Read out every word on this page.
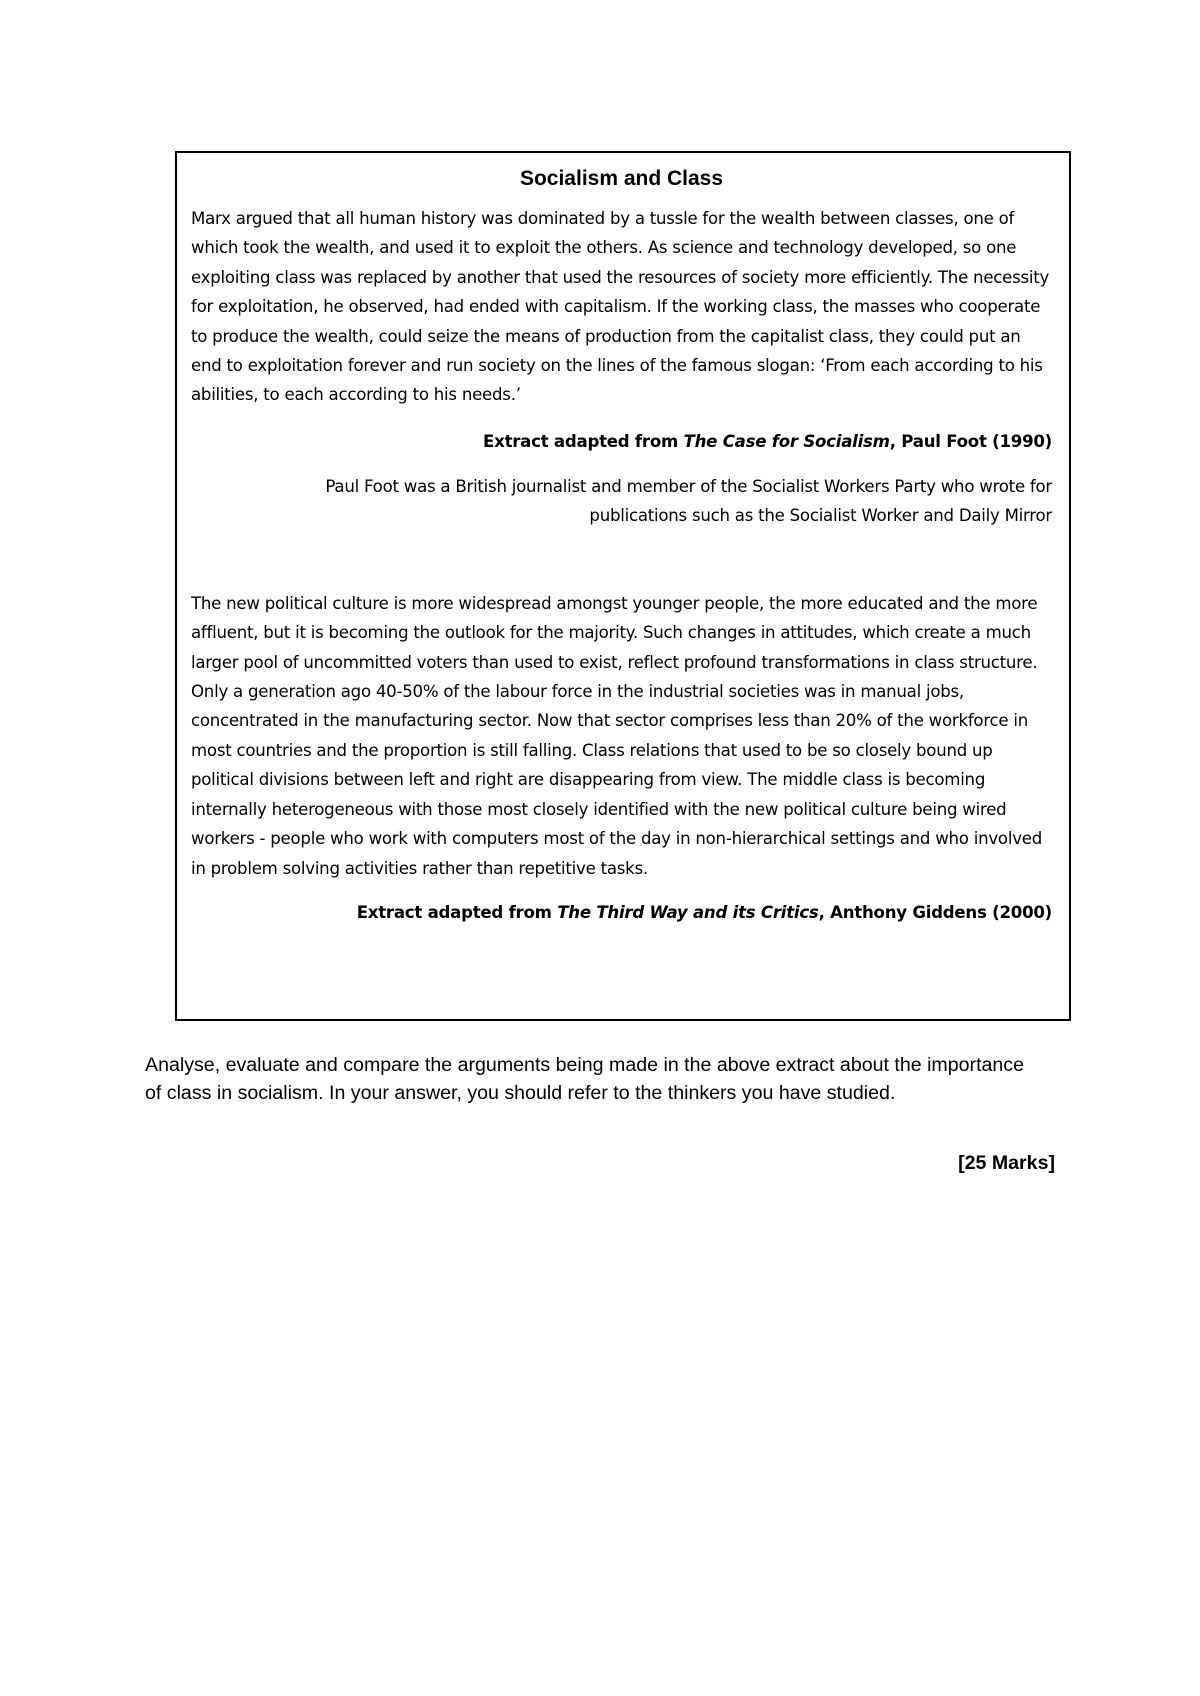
Socialism and Class

Marx argued that all human history was dominated by a tussle for the wealth between classes, one of which took the wealth, and used it to exploit the others. As science and technology developed, so one exploiting class was replaced by another that used the resources of society more efficiently. The necessity for exploitation, he observed, had ended with capitalism. If the working class, the masses who cooperate to produce the wealth, could seize the means of production from the capitalist class, they could put an end to exploitation forever and run society on the lines of the famous slogan: ‘From each according to his abilities, to each according to his needs.’

Extract adapted from The Case for Socialism, Paul Foot (1990)
Paul Foot was a British journalist and member of the Socialist Workers Party who wrote for
publications such as the Socialist Worker and Daily Mirror

The new political culture is more widespread amongst younger people, the more educated and the more affluent, but it is becoming the outlook for the majority. Such changes in attitudes, which create a much larger pool of uncommitted voters than used to exist, reflect profound transformations in class structure. Only a generation ago 40-50% of the labour force in the industrial societies was in manual jobs, concentrated in the manufacturing sector. Now that sector comprises less than 20% of the workforce in most countries and the proportion is still falling. Class relations that used to be so closely bound up political divisions between left and right are disappearing from view. The middle class is becoming internally heterogeneous with those most closely identified with the new political culture being wired workers - people who work with computers most of the day in non-hierarchical settings and who involved in problem solving activities rather than repetitive tasks.

Extract adapted from The Third Way and its Critics, Anthony Giddens (2000)

Analyse, evaluate and compare the arguments being made in the above extract about the importance of class in socialism. In your answer, you should refer to the thinkers you have studied.

[25 Marks]
